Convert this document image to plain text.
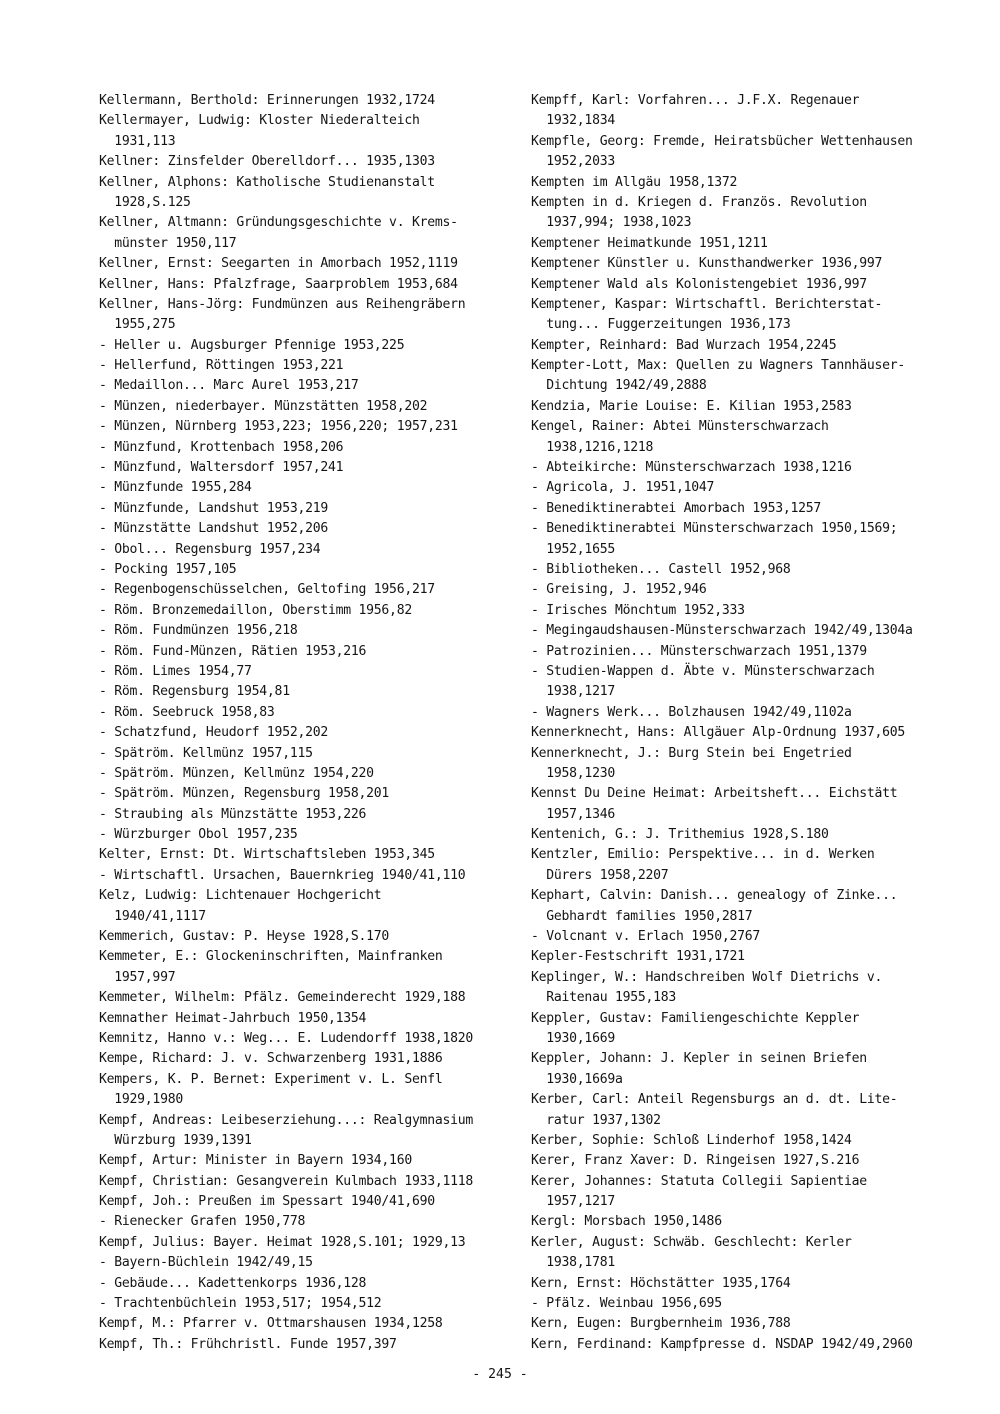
Kellermann, Berthold: Erinnerungen 1932,1724
Kellermayer, Ludwig: Kloster Niederalteich
1931,113
Kellner: Zinsfelder Oberelldorf... 1935,1303
Kellner, Alphons: Katholische Studienanstalt
1928,S.125
Kellner, Altmann: Gründungsgeschichte v. Krems-
münster 1950,117
Kellner, Ernst: Seegarten in Amorbach 1952,1119
Kellner, Hans: Pfalzfrage, Saarproblem 1953,684
Kellner, Hans-Jörg: Fundmünzen aus Reihengräbern
1955,275
- Heller u. Augsburger Pfennige 1953,225
- Hellerfund, Röttingen 1953,221
- Medaillon... Marc Aurel 1953,217
- Münzen, niederbayer. Münzstätten 1958,202
- Münzen, Nürnberg 1953,223; 1956,220; 1957,231
- Münzfund, Krottenbach 1958,206
- Münzfund, Waltersdorf 1957,241
- Münzfunde 1955,284
- Münzfunde, Landshut 1953,219
- Münzstätte Landshut 1952,206
- Obol... Regensburg 1957,234
- Pocking 1957,105
- Regenbogenschüsselchen, Geltofing 1956,217
- Röm. Bronzemedaillon, Oberstimm 1956,82
- Röm. Fundmünzen 1956,218
- Röm. Fund-Münzen, Rätien 1953,216
- Röm. Limes 1954,77
- Röm. Regensburg 1954,81
- Röm. Seebruck 1958,83
- Schatzfund, Heudorf 1952,202
- Spätröm. Kellmünz 1957,115
- Spätröm. Münzen, Kellmünz 1954,220
- Spätröm. Münzen, Regensburg 1958,201
- Straubing als Münzstätte 1953,226
- Würzburger Obol 1957,235
Kelter, Ernst: Dt. Wirtschaftsleben 1953,345
- Wirtschaftl. Ursachen, Bauernkrieg 1940/41,110
Kelz, Ludwig: Lichtenauer Hochgericht
1940/41,1117
Kemmerich, Gustav: P. Heyse 1928,S.170
Kemmeter, E.: Glockeninschriften, Mainfranken
1957,997
Kemmeter, Wilhelm: Pfälz. Gemeinderecht 1929,188
Kemnather Heimat-Jahrbuch 1950,1354
Kemnitz, Hanno v.: Weg... E. Ludendorff 1938,1820
Kempe, Richard: J. v. Schwarzenberg 1931,1886
Kempers, K. P. Bernet: Experiment v. L. Senfl
1929,1980
Kempf, Andreas: Leibeserziehung...: Realgymnasium
Würzburg 1939,1391
Kempf, Artur: Minister in Bayern 1934,160
Kempf, Christian: Gesangverein Kulmbach 1933,1118
Kempf, Joh.: Preußen im Spessart 1940/41,690
- Rienecker Grafen 1950,778
Kempf, Julius: Bayer. Heimat 1928,S.101; 1929,13
- Bayern-Büchlein 1942/49,15
- Gebäude... Kadettenkorps 1936,128
- Trachtenbüchlein 1953,517; 1954,512
Kempf, M.: Pfarrer v. Ottmarshausen 1934,1258
Kempf, Th.: Frühchristl. Funde 1957,397
Kempff, Karl: Vorfahren... J.F.X. Regenauer
1932,1834
Kempfle, Georg: Fremde, Heiratsbücher Wettenhausen
1952,2033
Kempten im Allgäu 1958,1372
Kempten in d. Kriegen d. Französ. Revolution
1937,994; 1938,1023
Kemptener Heimatkunde 1951,1211
Kemptener Künstler u. Kunsthandwerker 1936,997
Kemptener Wald als Kolonistengebiet 1936,997
Kemptener, Kaspar: Wirtschaftl. Berichterstat-
tung... Fuggerzeitungen 1936,173
Kempter, Reinhard: Bad Wurzach 1954,2245
Kempter-Lott, Max: Quellen zu Wagners Tannhäuser-
Dichtung 1942/49,2888
Kendzia, Marie Louise: E. Kilian 1953,2583
Kengel, Rainer: Abtei Münsterschwarzach
1938,1216,1218
- Abteikirche: Münsterschwarzach 1938,1216
- Agricola, J. 1951,1047
- Benediktinerabtei Amorbach 1953,1257
- Benediktinerabtei Münsterschwarzach 1950,1569;
1952,1655
- Bibliotheken... Castell 1952,968
- Greising, J. 1952,946
- Irisches Mönchtum 1952,333
- Megingaudshausen-Münsterschwarzach 1942/49,1304a
- Patrozinien... Münsterschwarzach 1951,1379
- Studien-Wappen d. Äbte v. Münsterschwarzach
1938,1217
- Wagners Werk... Bolzhausen 1942/49,1102a
Kennerknecht, Hans: Allgäuer Alp-Ordnung 1937,605
Kennerknecht, J.: Burg Stein bei Engetried
1958,1230
Kennst Du Deine Heimat: Arbeitsheft... Eichstätt
1957,1346
Kentenich, G.: J. Trithemius 1928,S.180
Kentzler, Emilio: Perspektive... in d. Werken
Dürers 1958,2207
Kephart, Calvin: Danish... genealogy of Zinke...
Gebhardt families 1950,2817
- Volcnant v. Erlach 1950,2767
Kepler-Festschrift 1931,1721
Keplinger, W.: Handschreiben Wolf Dietrichs v.
Raitenau 1955,183
Keppler, Gustav: Familiengeschichte Keppler
1930,1669
Keppler, Johann: J. Kepler in seinen Briefen
1930,1669a
Kerber, Carl: Anteil Regensburgs an d. dt. Lite-
ratur 1937,1302
Kerber, Sophie: Schloß Linderhof 1958,1424
Kerer, Franz Xaver: D. Ringeisen 1927,S.216
Kerer, Johannes: Statuta Collegii Sapientiae
1957,1217
Kergl: Morsbach 1950,1486
Kerler, August: Schwäb. Geschlecht: Kerler
1938,1781
Kern, Ernst: Höchstätter 1935,1764
- Pfälz. Weinbau 1956,695
Kern, Eugen: Burgbernheim 1936,788
Kern, Ferdinand: Kampfpresse d. NSDAP 1942/49,2960
- 245 -
